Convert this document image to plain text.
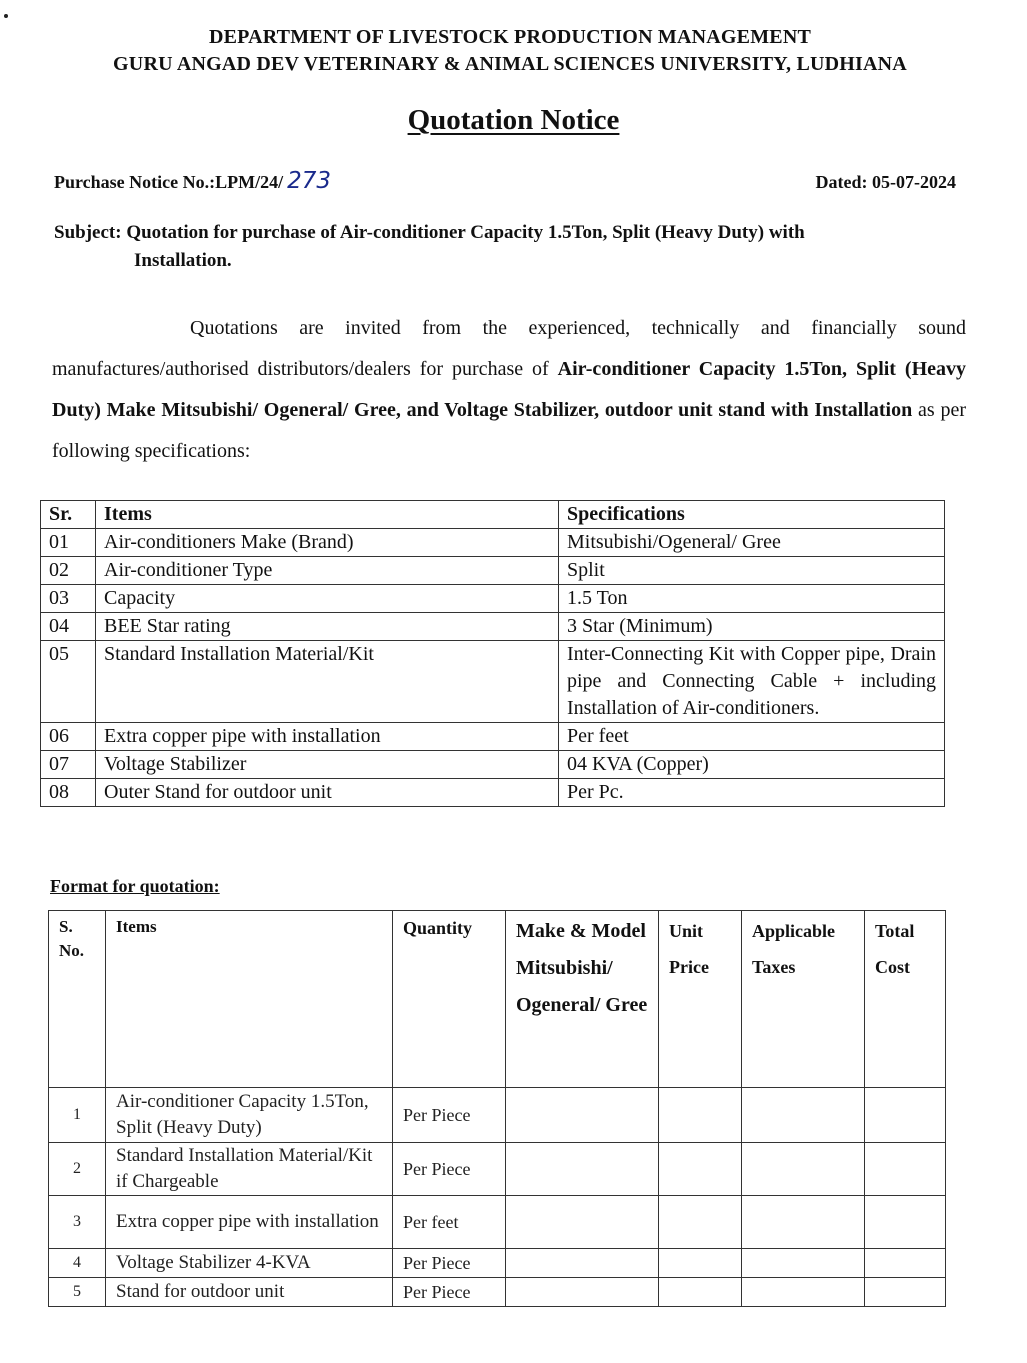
DEPARTMENT OF LIVESTOCK PRODUCTION MANAGEMENT
GURU ANGAD DEV VETERINARY & ANIMAL SCIENCES UNIVERSITY, LUDHIANA
Quotation Notice
Purchase Notice No.:LPM/24/ 273	Dated: 05-07-2024
Subject: Quotation for purchase of Air-conditioner Capacity 1.5Ton, Split (Heavy Duty) with
Installation.
Quotations are invited from the experienced, technically and financially sound manufactures/authorised distributors/dealers for purchase of Air-conditioner Capacity 1.5Ton, Split (Heavy Duty) Make Mitsubishi/ Ogeneral/ Gree, and Voltage Stabilizer, outdoor unit stand with Installation as per following specifications:
Sr.	Items	Specifications
01	Air-conditioners Make (Brand)	Mitsubishi/Ogeneral/ Gree
02	Air-conditioner Type	Split
03	Capacity	1.5 Ton
04	BEE Star rating	3 Star (Minimum)
05	Standard Installation Material/Kit	Inter-Connecting Kit with Copper pipe, Drain pipe and Connecting Cable + including Installation of Air-conditioners.
06	Extra copper pipe with installation	Per feet
07	Voltage Stabilizer	04 KVA (Copper)
08	Outer Stand for outdoor unit	Per Pc.
Format for quotation:
S. No.	Items	Quantity	Make & Model Mitsubishi/ Ogeneral/ Gree	Unit Price	Applicable Taxes	Total Cost
1	Air-conditioner Capacity 1.5Ton, Split (Heavy Duty)	Per Piece				
2	Standard Installation Material/Kit if Chargeable	Per Piece				
3	Extra copper pipe with installation	Per feet				
4	Voltage Stabilizer 4-KVA	Per Piece				
5	Stand for outdoor unit	Per Piece				
